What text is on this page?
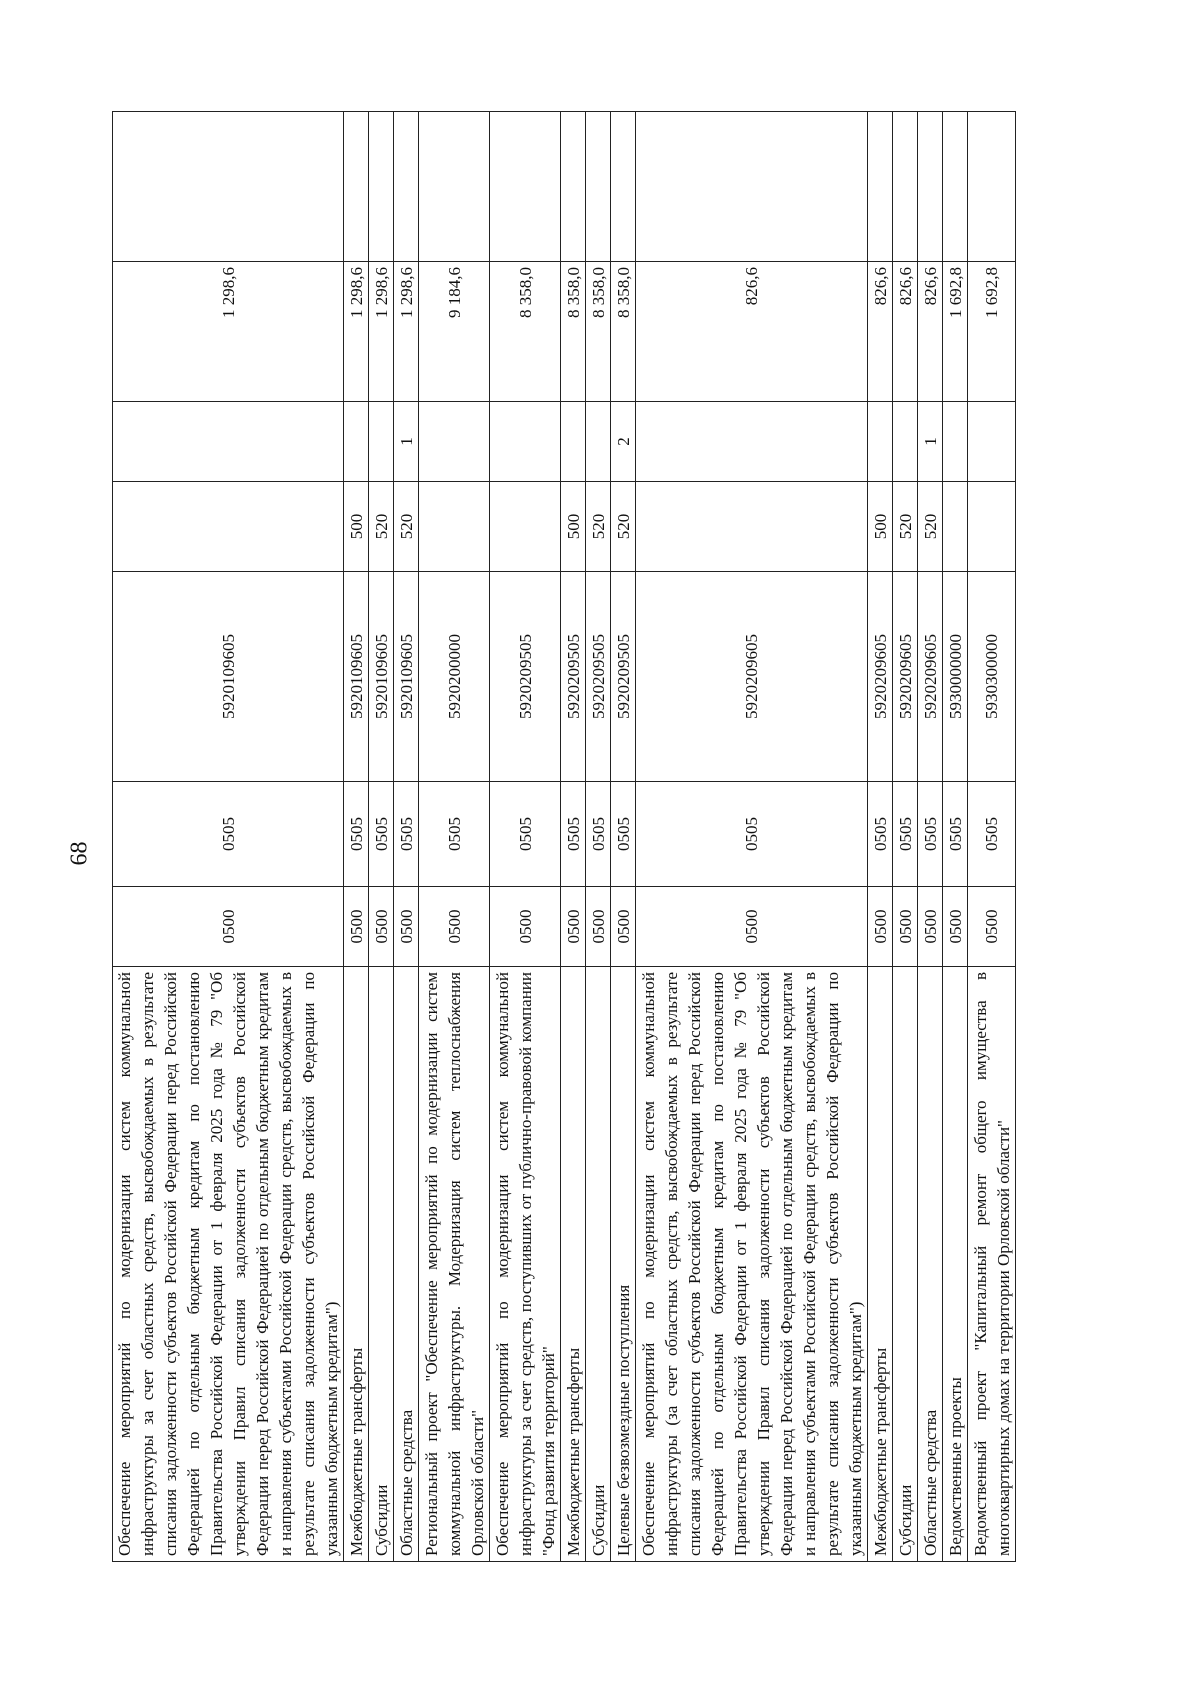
68
Обеспечение мероприятий по модернизации систем коммунальной инфраструктуры за счет областных средств, высвобождаемых в результате списания задолженности субъектов Российской Федерации перед Российской Федерацией по отдельным бюджетным кредитам по постановлению Правительства Российской Федерации от 1 февраля 2025 года № 79 "Об утверждении Правил списания задолженности субъектов Российской Федерации перед Российской Федерацией по отдельным бюджетным кредитам и направления субъектами Российской Федерации средств, высвобождаемых в результате списания задолженности субъектов Российской Федерации по указанным бюджетным кредитам")	0500	0505	5920109605			1 298,6		
Межбюджетные трансферты	0500	0505	5920109605	500		1 298,6		
Субсидии	0500	0505	5920109605	520		1 298,6		
Областные средства	0500	0505	5920109605	520	1	1 298,6		
Региональный проект "Обеспечение мероприятий по модернизации систем коммунальной инфраструктуры. Модернизация систем теплоснабжения Орловской области"	0500	0505	5920200000			9 184,6		
Обеспечение мероприятий по модернизации систем коммунальной инфраструктуры за счет средств, поступивших от публично-правовой компании "Фонд развития территорий"	0500	0505	5920209505			8 358,0		
Межбюджетные трансферты	0500	0505	5920209505	500		8 358,0		
Субсидии	0500	0505	5920209505	520		8 358,0		
Целевые безвозмездные поступления	0500	0505	5920209505	520	2	8 358,0		
Обеспечение мероприятий по модернизации систем коммунальной инфраструктуры (за счет областных средств, высвобождаемых в результате списания задолженности субъектов Российской Федерации перед Российской Федерацией по отдельным бюджетным кредитам по постановлению Правительства Российской Федерации от 1 февраля 2025 года № 79 "Об утверждении Правил списания задолженности субъектов Российской Федерации перед Российской Федерацией по отдельным бюджетным кредитам и направления субъектами Российской Федерации средств, высвобождаемых в результате списания задолженности субъектов Российской Федерации по указанным бюджетным кредитам")	0500	0505	5920209605			826,6		
Межбюджетные трансферты	0500	0505	5920209605	500		826,6		
Субсидии	0500	0505	5920209605	520		826,6		
Областные средства	0500	0505	5920209605	520	1	826,6		
Ведомственные проекты	0500	0505	5930000000			1 692,8		
Ведомственный проект "Капитальный ремонт общего имущества в многоквартирных домах на территории Орловской области"	0500	0505	5930300000			1 692,8		
